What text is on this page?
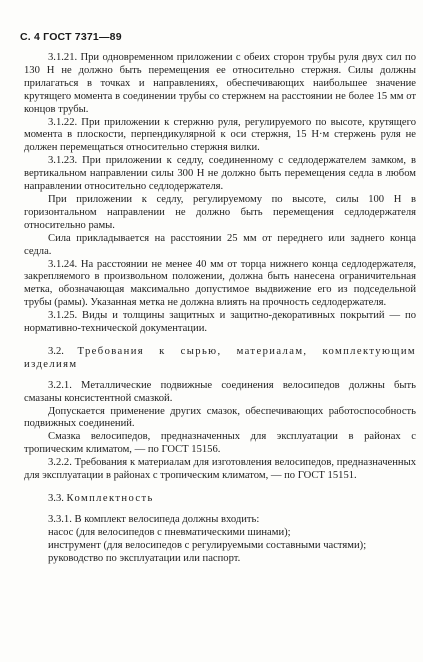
С. 4 ГОСТ 7371—89

3.1.21. При одновременном приложении с обеих сторон трубы руля двух сил по 130 Н не должно быть перемещения ее относительно стержня. Силы должны прилагаться в точках и направлениях, обеспечивающих наибольшее значение крутящего момента в соединении трубы со стержнем на расстоянии не более 15 мм от концов трубы.

3.1.22. При приложении к стержню руля, регулируемого по высоте, крутящего момента в плоскости, перпендикулярной к оси стержня, 15 Н·м стержень руля не должен перемещаться относительно стержня вилки.

3.1.23. При приложении к седлу, соединенному с седлодержателем замком, в вертикальном направлении силы 300 Н не должно быть перемещения седла в любом направлении относительно седлодержателя.

При приложении к седлу, регулируемому по высоте, силы 100 Н в горизонтальном направлении не должно быть перемещения седлодержателя относительно рамы.

Сила прикладывается на расстоянии 25 мм от переднего или заднего конца седла.

3.1.24. На расстоянии не менее 40 мм от торца нижнего конца седлодержателя, закрепляемого в произвольном положении, должна быть нанесена ограничительная метка, обозначающая максимально допустимое выдвижение его из подседельной трубы (рамы). Указанная метка не должна влиять на прочность седлодержателя.

3.1.25. Виды и толщины защитных и защитно-декоративных покрытий — по нормативно-технической документации.

3.2. Требования к сырью, материалам, комплектующим изделиям

3.2.1. Металлические подвижные соединения велосипедов должны быть смазаны консистентной смазкой.

Допускается применение других смазок, обеспечивающих работоспособность подвижных соединений.

Смазка велосипедов, предназначенных для эксплуатации в районах с тропическим климатом, — по ГОСТ 15156.

3.2.2. Требования к материалам для изготовления велосипедов, предназначенных для эксплуатации в районах с тропическим климатом, — по ГОСТ 15151.

3.3. Комплектность

3.3.1. В комплект велосипеда должны входить:

насос (для велосипедов с пневматическими шинами);

инструмент (для велосипедов с регулируемыми составными частями);

руководство по эксплуатации или паспорт.
